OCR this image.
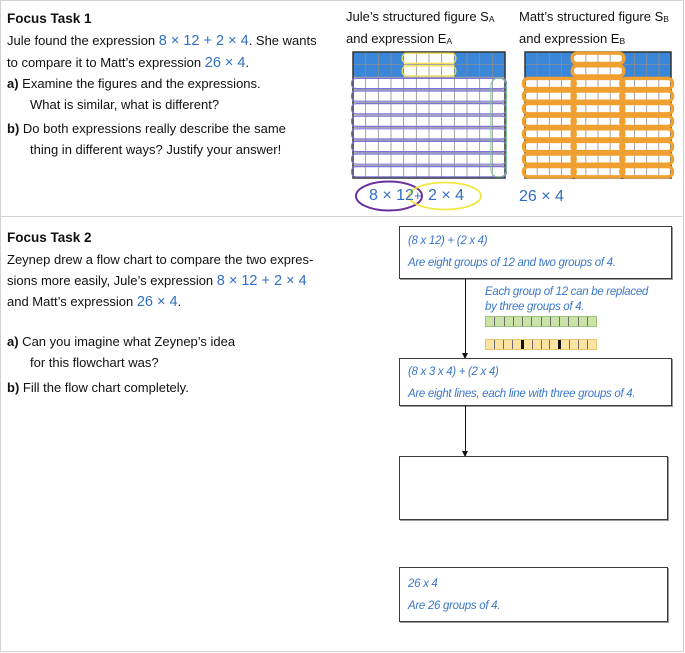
Focus Task 1
Jule found the expression 8 × 12 + 2 × 4. She wants
to compare it to Matt’s expression 26 × 4.
a) Examine the figures and the expressions.
What is similar, what is different?
b) Do both expressions really describe the same
thing in different ways? Justify your answer!
Jule’s structured figure $S_A$
and expression $E_A$
8 × 12 + 2 × 4
Matt’s structured figure $S_B$
and expression $E_B$
26 × 4
Focus Task 2
Zeynep drew a flow chart to compare the two expres-
sions more easily, Jule’s expression 8 × 12 + 2 × 4
and Matt’s expression 26 × 4.
a) Can you imagine what Zeynep’s idea
for this flowchart was?
b) Fill the flow chart completely.
(8 x 12) + (2 x 4)
Are eight groups of 12 and two groups of 4.
Each group of 12 can be replaced
by three groups of 4.
(8 x 3 x 4) + (2 x 4)
Are eight lines, each line with three groups of 4.
26 x 4
Are 26 groups of 4.
